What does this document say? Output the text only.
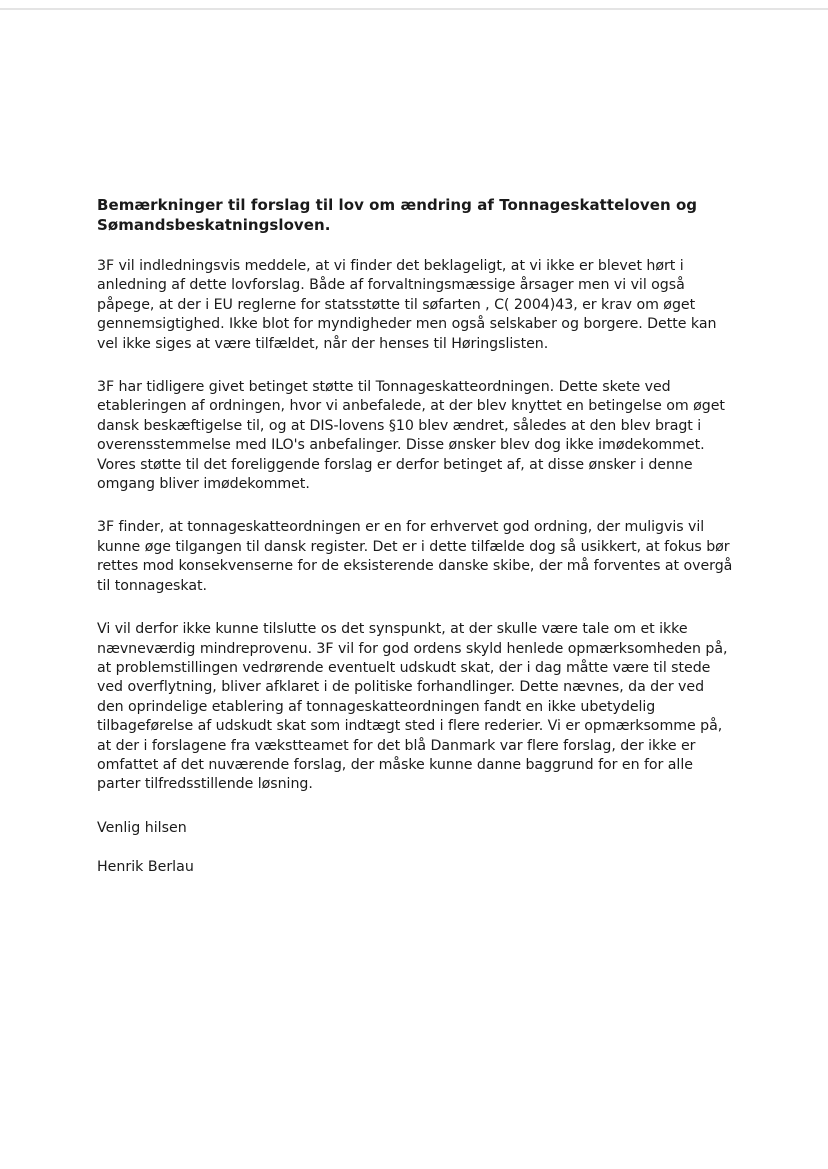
Bemærkninger til forslag til lov om ændring af Tonnageskatteloven og Sømandsbeskatningsloven.

3F vil indledningsvis meddele, at vi finder det beklageligt, at vi ikke er blevet hørt i anledning af dette lovforslag. Både af forvaltningsmæssige årsager men vi vil også påpege, at der i EU reglerne for statsstøtte til søfarten , C( 2004)43, er krav om øget gennemsigtighed. Ikke blot for myndigheder men også selskaber og borgere. Dette kan vel ikke siges at være tilfældet, når der henses til Høringslisten.

3F har tidligere givet betinget støtte til Tonnageskatteordningen. Dette skete ved etableringen af ordningen, hvor vi anbefalede, at der blev knyttet en betingelse om øget dansk beskæftigelse til, og at DIS-lovens §10 blev ændret, således at den blev bragt i overensstemmelse med ILO's anbefalinger. Disse ønsker blev dog ikke imødekommet. Vores støtte til det foreliggende forslag er derfor betinget af, at disse ønsker i denne omgang bliver imødekommet.

3F finder, at tonnageskatteordningen er en for erhvervet god ordning, der muligvis vil kunne øge tilgangen til dansk register. Det er i dette tilfælde dog så usikkert, at fokus bør rettes mod konsekvenserne for de eksisterende danske skibe, der må forventes at overgå til tonnageskat.

Vi vil derfor ikke kunne tilslutte os det synspunkt, at der skulle være tale om et ikke nævneværdig mindreprovenu. 3F vil for god ordens skyld henlede opmærksomheden på, at problemstillingen vedrørende eventuelt udskudt skat, der i dag måtte være til stede ved overflytning, bliver afklaret i de politiske forhandlinger. Dette nævnes, da der ved den oprindelige etablering af tonnageskatteordningen fandt en ikke ubetydelig tilbageførelse af udskudt skat som indtægt sted i flere rederier. Vi er opmærksomme på, at der i forslagene fra vækstteamet for det blå Danmark var flere forslag, der ikke er omfattet af det nuværende forslag, der måske kunne danne baggrund for en for alle parter tilfredsstillende løsning.

Venlig hilsen

Henrik Berlau
